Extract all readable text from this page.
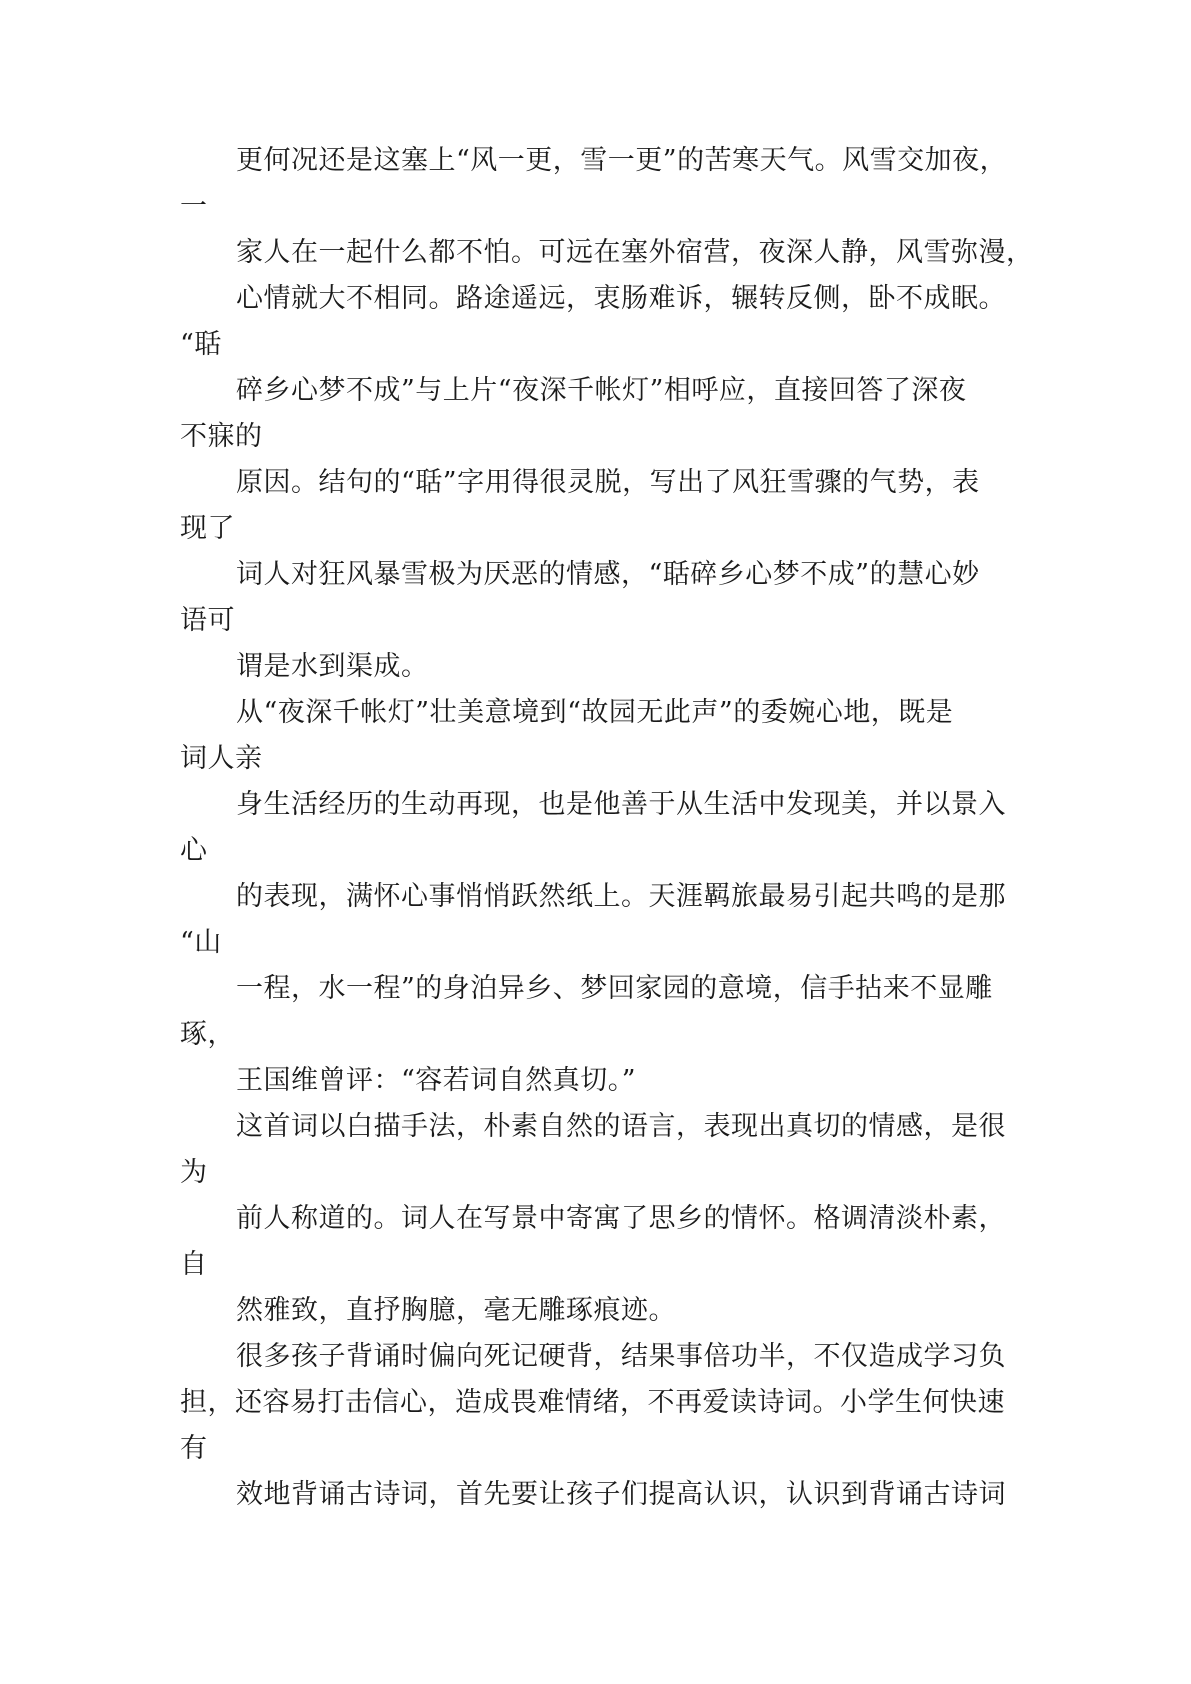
更何况还是这塞上“风一更，雪一更”的苦寒天气。风雪交加夜，
一
家人在一起什么都不怕。可远在塞外宿营，夜深人静，风雪弥漫，
心情就大不相同。路途遥远，衷肠难诉，辗转反侧，卧不成眠。
“聒
碎乡心梦不成”与上片“夜深千帐灯”相呼应，直接回答了深夜
不寐的
原因。结句的“聒”字用得很灵脱，写出了风狂雪骤的气势，表
现了
词人对狂风暴雪极为厌恶的情感，“聒碎乡心梦不成”的慧心妙
语可
谓是水到渠成。
从“夜深千帐灯”壮美意境到“故园无此声”的委婉心地，既是
词人亲
身生活经历的生动再现，也是他善于从生活中发现美，并以景入
心
的表现，满怀心事悄悄跃然纸上。天涯羁旅最易引起共鸣的是那
“山
一程，水一程”的身泊异乡、梦回家园的意境，信手拈来不显雕
琢，
王国维曾评：“容若词自然真切。”
这首词以白描手法，朴素自然的语言，表现出真切的情感，是很
为
前人称道的。词人在写景中寄寓了思乡的情怀。格调清淡朴素，
自
然雅致，直抒胸臆，毫无雕琢痕迹。
很多孩子背诵时偏向死记硬背，结果事倍功半，不仅造成学习负
担，还容易打击信心，造成畏难情绪，不再爱读诗词。小学生何快速
有
效地背诵古诗词，首先要让孩子们提高认识，认识到背诵古诗词
